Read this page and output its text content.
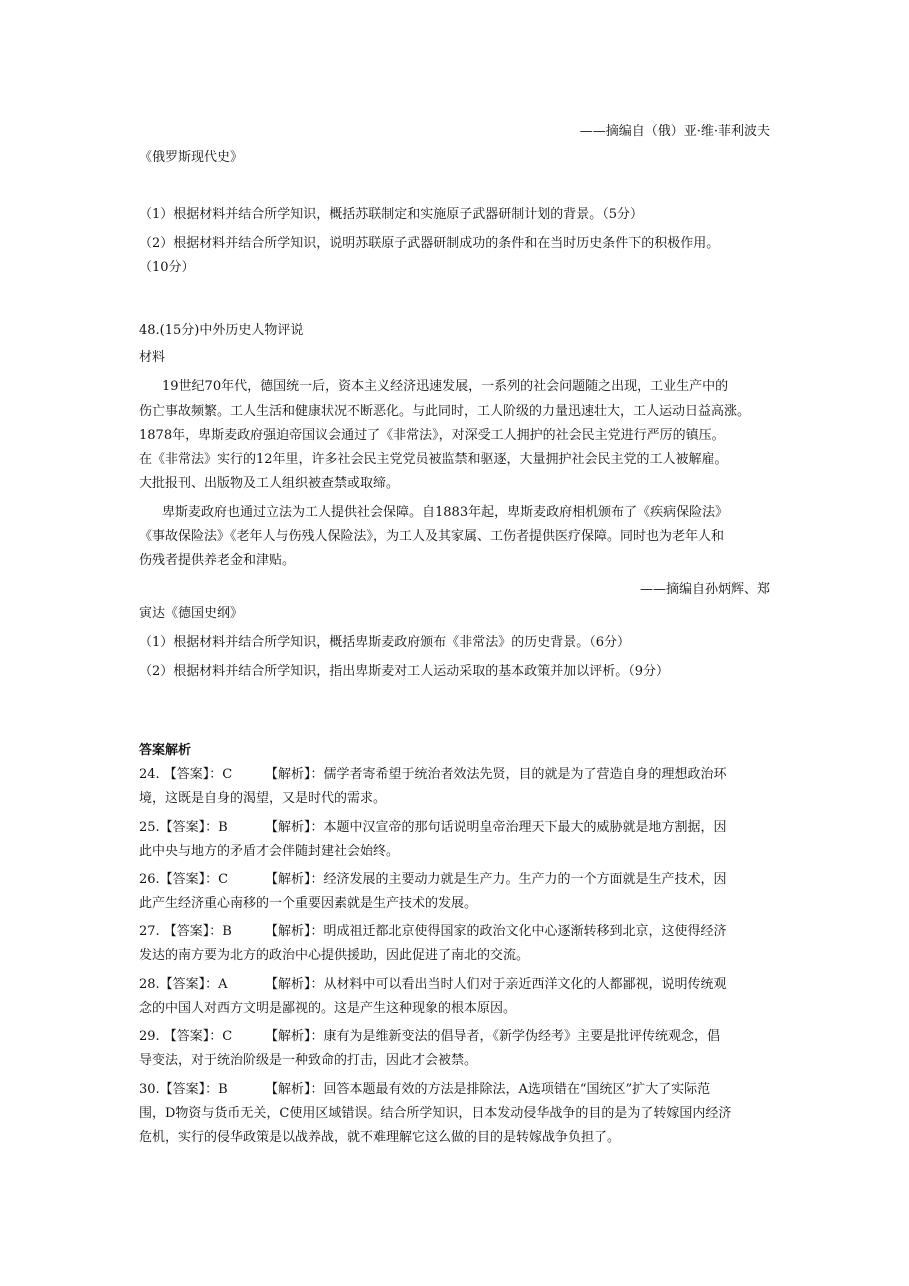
——摘编自（俄）亚·维·菲利波夫
《俄罗斯现代史》
（1）根据材料并结合所学知识，概括苏联制定和实施原子武器研制计划的背景。（5分）
（2）根据材料并结合所学知识，说明苏联原子武器研制成功的条件和在当时历史条件下的积极作用。
（10分）
48.(15分)中外历史人物评说
材料
19世纪70年代，德国统一后，资本主义经济迅速发展，一系列的社会问题随之出现，工业生产中的
伤亡事故频繁。工人生活和健康状况不断恶化。与此同时，工人阶级的力量迅速壮大，工人运动日益高涨。
1878年，卑斯麦政府强迫帝国议会通过了《非常法》，对深受工人拥护的社会民主党进行严厉的镇压。
在《非常法》实行的12年里，许多社会民主党党员被监禁和驱逐，大量拥护社会民主党的工人被解雇。
大批报刊、出版物及工人组织被查禁或取缔。
卑斯麦政府也通过立法为工人提供社会保障。自1883年起，卑斯麦政府相机颁布了《疾病保险法》
《事故保险法》《老年人与伤残人保险法》，为工人及其家属、工伤者提供医疗保障。同时也为老年人和
伤残者提供养老金和津贴。
——摘编自孙炳辉、郑
寅达《德国史纲》
（1）根据材料并结合所学知识，概括卑斯麦政府颁布《非常法》的历史背景。（6分）
（2）根据材料并结合所学知识，指出卑斯麦对工人运动采取的基本政策并加以评析。（9分）
答案解析
24. 【答案】：C	【解析】：儒学者寄希望于统治者效法先贤，目的就是为了营造自身的理想政治环
境，这既是自身的渴望，又是时代的需求。
25.【答案】：B	【解析】：本题中汉宣帝的那句话说明皇帝治理天下最大的威胁就是地方割据，因
此中央与地方的矛盾才会伴随封建社会始终。
26.【答案】：C	【解析】：经济发展的主要动力就是生产力。生产力的一个方面就是生产技术，因
此产生经济重心南移的一个重要因素就是生产技术的发展。
27. 【答案】：B	【解析】：明成祖迁都北京使得国家的政治文化中心逐渐转移到北京，这使得经济
发达的南方要为北方的政治中心提供援助，因此促进了南北的交流。
28.【答案】：A	【解析】：从材料中可以看出当时人们对于亲近西洋文化的人都鄙视，说明传统观
念的中国人对西方文明是鄙视的。这是产生这种现象的根本原因。
29. 【答案】：C	【解析】：康有为是维新变法的倡导者，《新学伪经考》主要是批评传统观念，倡
导变法，对于统治阶级是一种致命的打击，因此才会被禁。
30.【答案】：B	【解析】：回答本题最有效的方法是排除法，A选项错在“国统区”扩大了实际范
围，D物资与货币无关，C使用区域错误。结合所学知识，日本发动侵华战争的目的是为了转嫁国内经济
危机，实行的侵华政策是以战养战，就不难理解它这么做的目的是转嫁战争负担了。
